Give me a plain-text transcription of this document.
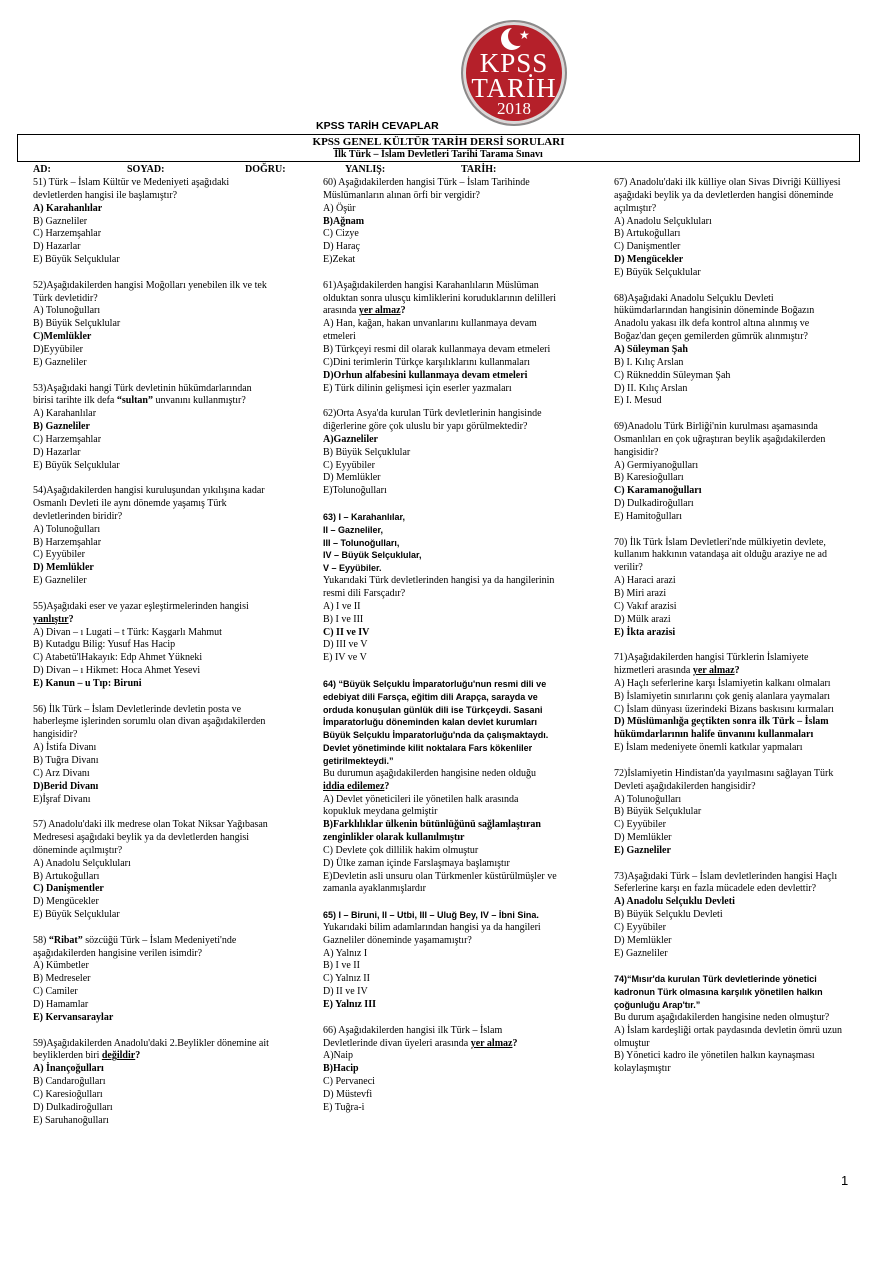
★
KPSS
TARİH
2018
KPSS TARİH CEVAPLAR
KPSS GENEL KÜLTÜR TARİH DERSİ SORULARI
İlk Türk – İslam Devletleri Tarihi Tarama Sınavı
AD:	SOYAD:	DOĞRU:	YANLIŞ:	TARİH:

51) Türk – İslam Kültür ve Medeniyeti aşağıdaki devletlerden hangisi ile başlamıştır?

A) Karahanlılar

B) Gazneliler

C) Harzemşahlar

D) Hazarlar

E) Büyük Selçuklular

52)Aşağıdakilerden hangisi Moğolları yenebilen ilk ve tek Türk devletidir?

A) Tolunoğulları

B) Büyük Selçuklular

C)Memlükler

D)Eyyübiler

E) Gazneliler

53)Aşağıdaki hangi Türk devletinin hükümdarlarından birisi tarihte ilk defa “sultan” unvanını kullanmıştır?

A) Karahanlılar

B) Gazneliler

C) Harzemşahlar

D) Hazarlar

E) Büyük Selçuklular

54)Aşağıdakilerden hangisi kuruluşundan yıkılışına kadar Osmanlı Devleti ile aynı dönemde yaşamış Türk devletlerinden biridir?

A) Tolunoğulları

B) Harzemşahlar

C) Eyyübiler

D) Memlükler

E) Gazneliler

55)Aşağıdaki eser ve yazar eşleştirmelerinden hangisi yanlıştır?

A) Divan – ı Lugati – t Türk: Kaşgarlı Mahmut

B) Kutadgu Bilig: Yusuf Has Hacip

C) Atabetü'lHakayık: Edp Ahmet Yükneki

D) Divan – ı Hikmet: Hoca Ahmet Yesevi

E) Kanun – u Tıp: Biruni

56) İlk Türk – İslam Devletlerinde devletin posta ve haberleşme işlerinden sorumlu olan divan aşağıdakilerden hangisidir?

A) İstifa Divanı

B) Tuğra Divanı

C) Arz Divanı

D)Berid Divanı

E)İşraf Divanı

57) Anadolu'daki ilk medrese olan Tokat Niksar Yağıbasan Medresesi aşağıdaki beylik ya da devletlerden hangisi döneminde açılmıştır?

A) Anadolu Selçukluları

B) Artukoğulları

C) Danişmentler

D) Mengücekler

E) Büyük Selçuklular

58) “Ribat” sözcüğü Türk – İslam Medeniyeti'nde aşağıdakilerden hangisine verilen isimdir?

A) Kümbetler

B) Medreseler

C) Camiler

D) Hamamlar

E) Kervansaraylar

59)Aşağıdakilerden Anadolu'daki 2.Beylikler dönemine ait beyliklerden biri değildir?

A) İnançoğulları

B) Candaroğulları

C) Karesioğulları

D) Dulkadiroğulları

E) Saruhanoğulları

60) Aşağıdakilerden hangisi Türk – İslam Tarihinde Müslümanların alınan örfi bir vergidir?

A) Öşür

B)Ağnam

C) Cizye

D) Haraç

E)Zekat

61)Aşağıdakilerden hangisi Karahanlıların Müslüman olduktan sonra ulusçu kimliklerini koruduklarının delilleri arasında yer almaz?

A) Han, kağan, hakan unvanlarını kullanmaya devam etmeleri

B) Türkçeyi resmi dil olarak kullanmaya devam etmeleri

C)Dini terimlerin Türkçe karşılıklarını kullanmaları

D)Orhun alfabesini kullanmaya devam etmeleri

E) Türk dilinin gelişmesi için eserler yazmaları

62)Orta Asya'da kurulan Türk devletlerinin hangisinde diğerlerine göre çok uluslu bir yapı görülmektedir?

A)Gazneliler

B) Büyük Selçuklular

C) Eyyübiler

D) Memlükler

E)Tolunoğulları

63) I – Karahanlılar,

II – Gazneliler,

III – Tolunoğulları,

IV – Büyük Selçuklular,

V – Eyyübiler.

Yukarıdaki Türk devletlerinden hangisi ya da hangilerinin resmi dili Farsçadır?

A) I ve II

B) I ve III

C) II ve IV

D) III ve V

E) IV ve V

64) “Büyük Selçuklu İmparatorluğu'nun resmi dili ve edebiyat dili Farsça, eğitim dili Arapça, sarayda ve orduda konuşulan günlük dili ise Türkçeydi. Sasani İmparatorluğu döneminden kalan devlet kurumları Büyük Selçuklu İmparatorluğu'nda da çalışmaktaydı. Devlet yönetiminde kilit noktalara Fars kökenliler getirilmekteydi.”

Bu durumun aşağıdakilerden hangisine neden olduğu iddia edilemez?

A) Devlet yöneticileri ile yönetilen halk arasında kopukluk meydana gelmiştir

B)Farklılıklar ülkenin bütünlüğünü sağlamlaştıran zenginlikler olarak kullanılmıştır

C) Devlete çok dillilik hakim olmuştur

D) Ülke zaman içinde Farslaşmaya başlamıştır

E)Devletin asli unsuru olan Türkmenler küstürülmüşler ve zamanla ayaklanmışlardır

65) I – Biruni, II – Utbi, III – Uluğ Bey, IV – İbni Sina.

Yukarıdaki bilim adamlarından hangisi ya da hangileri Gazneliler döneminde yaşamamıştır?

A) Yalnız I

B) I ve II

C) Yalnız II

D) II ve IV

E) Yalnız III

66) Aşağıdakilerden hangisi ilk Türk – İslam Devletlerinde divan üyeleri arasında yer almaz?

A)Naip

B)Hacip

C) Pervaneci

D) Müstevfi

E) Tuğra-i

67) Anadolu'daki ilk külliye olan Sivas Divriği Külliyesi aşağıdaki beylik ya da devletlerden hangisi döneminde açılmıştır?

A) Anadolu Selçukluları

B) Artukoğulları

C) Danişmentler

D) Mengücekler

E) Büyük Selçuklular

68)Aşağıdaki Anadolu Selçuklu Devleti hükümdarlarından hangisinin döneminde Boğazın Anadolu yakası ilk defa kontrol altına alınmış ve Boğaz'dan geçen gemilerden gümrük alınmıştır?

A) Süleyman Şah

B) I. Kılıç Arslan

C) Rükneddin Süleyman Şah

D) II. Kılıç Arslan

E) I. Mesud

69)Anadolu Türk Birliği'nin kurulması aşamasında Osmanlıları en çok uğraştıran beylik aşağıdakilerden hangisidir?

A) Germiyanoğulları

B) Karesioğulları

C) Karamanoğulları

D) Dulkadiroğulları

E) Hamitoğulları

70) İlk Türk İslam Devletleri'nde mülkiyetin devlete, kullanım hakkının vatandaşa ait olduğu araziye ne ad verilir?

A) Haraci arazi

B) Miri arazi

C) Vakıf arazisi

D) Mülk arazi

E) İkta arazisi

71)Aşağıdakilerden hangisi Türklerin İslamiyete hizmetleri arasında yer almaz?

A) Haçlı seferlerine karşı İslamiyetin kalkanı olmaları

B) İslamiyetin sınırlarını çok geniş alanlara yaymaları

C) İslam dünyası üzerindeki Bizans baskısını kırmaları

D) Müslümanlığa geçtikten sonra ilk Türk – İslam hükümdarlarının halife ünvanını kullanmaları

E) İslam medeniyete önemli katkılar yapmaları

72)İslamiyetin Hindistan'da yayılmasını sağlayan Türk Devleti aşağıdakilerden hangisidir?

A) Tolunoğulları

B) Büyük Selçuklular

C) Eyyübiler

D) Memlükler

E) Gazneliler

73)Aşağıdaki Türk – İslam devletlerinden hangisi Haçlı Seferlerine karşı en fazla mücadele eden devlettir?

A) Anadolu Selçuklu Devleti

B) Büyük Selçuklu Devleti

C) Eyyübiler

D) Memlükler

E) Gazneliler

74)“Mısır'da kurulan Türk devletlerinde yönetici kadronun Türk olmasına karşılık yönetilen halkın çoğunluğu Arap'tır.”

Bu durum aşağıdakilerden hangisine neden olmuştur?

A) İslam kardeşliği ortak paydasında devletin ömrü uzun olmuştur

B) Yönetici kadro ile yönetilen halkın kaynaşması kolaylaşmıştır

1
